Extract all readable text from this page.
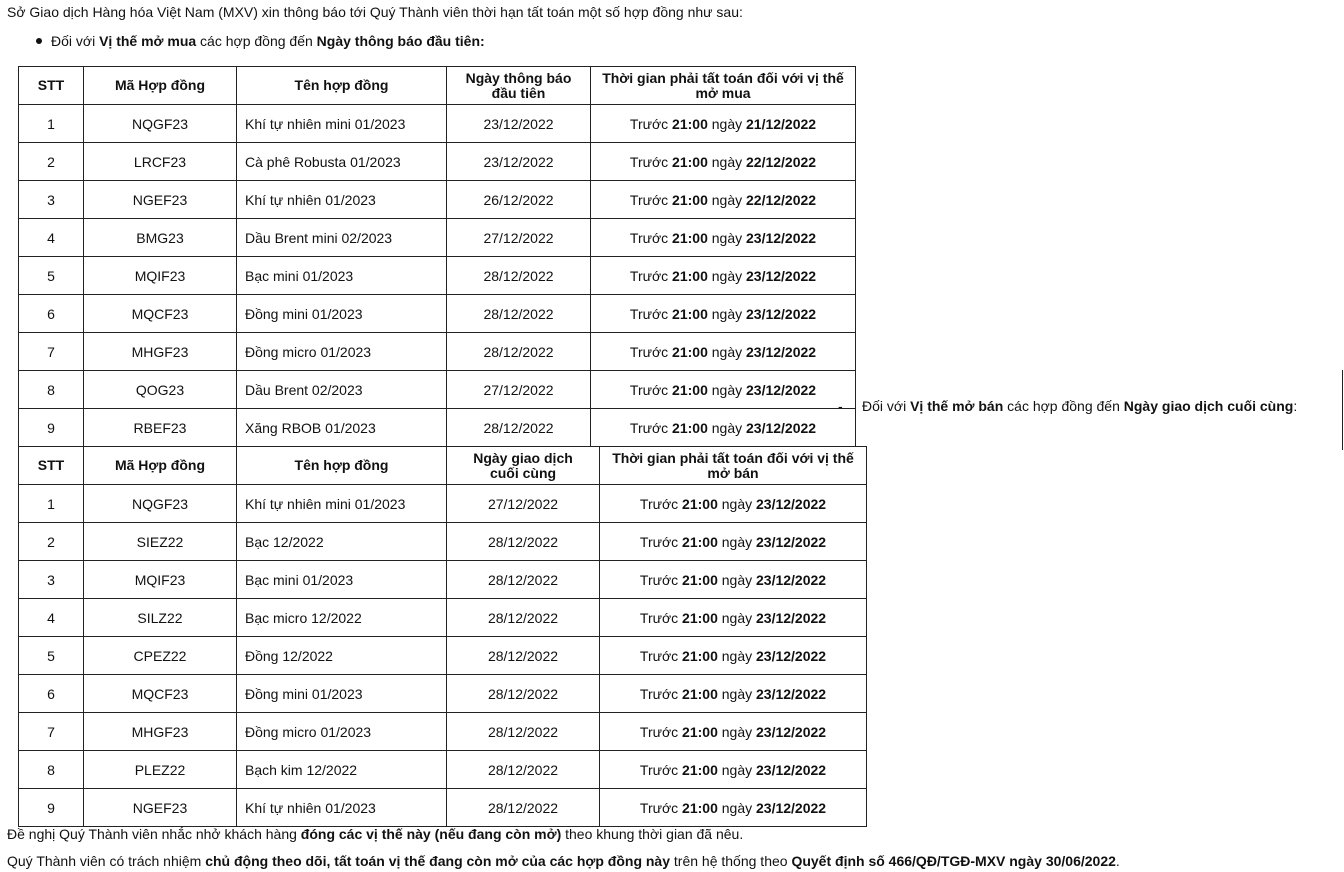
Sở Giao dịch Hàng hóa Việt Nam (MXV) xin thông báo tới Quý Thành viên thời hạn tất toán một số hợp đồng như sau:
Đối với Vị thế mở mua các hợp đồng đến Ngày thông báo đầu tiên:
STT	Mã Hợp đồng	Tên hợp đồng	Ngày thông báo đầu tiên	Thời gian phải tất toán đối với vị thế mở mua
1	NQGF23	Khí tự nhiên mini 01/2023	23/12/2022	Trước 21:00 ngày 21/12/2022
2	LRCF23	Cà phê Robusta 01/2023	23/12/2022	Trước 21:00 ngày 22/12/2022
3	NGEF23	Khí tự nhiên 01/2023	26/12/2022	Trước 21:00 ngày 22/12/2022
4	BMG23	Dầu Brent mini 02/2023	27/12/2022	Trước 21:00 ngày 23/12/2022
5	MQIF23	Bạc mini 01/2023	28/12/2022	Trước 21:00 ngày 23/12/2022
6	MQCF23	Đồng mini 01/2023	28/12/2022	Trước 21:00 ngày 23/12/2022
7	MHGF23	Đồng micro 01/2023	28/12/2022	Trước 21:00 ngày 23/12/2022
8	QOG23	Dầu Brent 02/2023	27/12/2022	Trước 21:00 ngày 23/12/2022
9	RBEF23	Xăng RBOB 01/2023	28/12/2022	Trước 21:00 ngày 23/12/2022
- Đối với Vị thế mở bán các hợp đồng đến Ngày giao dịch cuối cùng:
STT	Mã Hợp đồng	Tên hợp đồng	Ngày giao dịch cuối cùng	Thời gian phải tất toán đối với vị thế mở bán
1	NQGF23	Khí tự nhiên mini 01/2023	27/12/2022	Trước 21:00 ngày 23/12/2022
2	SIEZ22	Bạc 12/2022	28/12/2022	Trước 21:00 ngày 23/12/2022
3	MQIF23	Bạc mini 01/2023	28/12/2022	Trước 21:00 ngày 23/12/2022
4	SILZ22	Bạc micro 12/2022	28/12/2022	Trước 21:00 ngày 23/12/2022
5	CPEZ22	Đồng 12/2022	28/12/2022	Trước 21:00 ngày 23/12/2022
6	MQCF23	Đồng mini 01/2023	28/12/2022	Trước 21:00 ngày 23/12/2022
7	MHGF23	Đồng micro 01/2023	28/12/2022	Trước 21:00 ngày 23/12/2022
8	PLEZ22	Bạch kim 12/2022	28/12/2022	Trước 21:00 ngày 23/12/2022
9	NGEF23	Khí tự nhiên 01/2023	28/12/2022	Trước 21:00 ngày 23/12/2022
Đề nghị Quý Thành viên nhắc nhở khách hàng đóng các vị thế này (nếu đang còn mở) theo khung thời gian đã nêu.
Quý Thành viên có trách nhiệm chủ động theo dõi, tất toán vị thế đang còn mở của các hợp đồng này trên hệ thống theo Quyết định số 466/QĐ/TGĐ-MXV ngày 30/06/2022.
